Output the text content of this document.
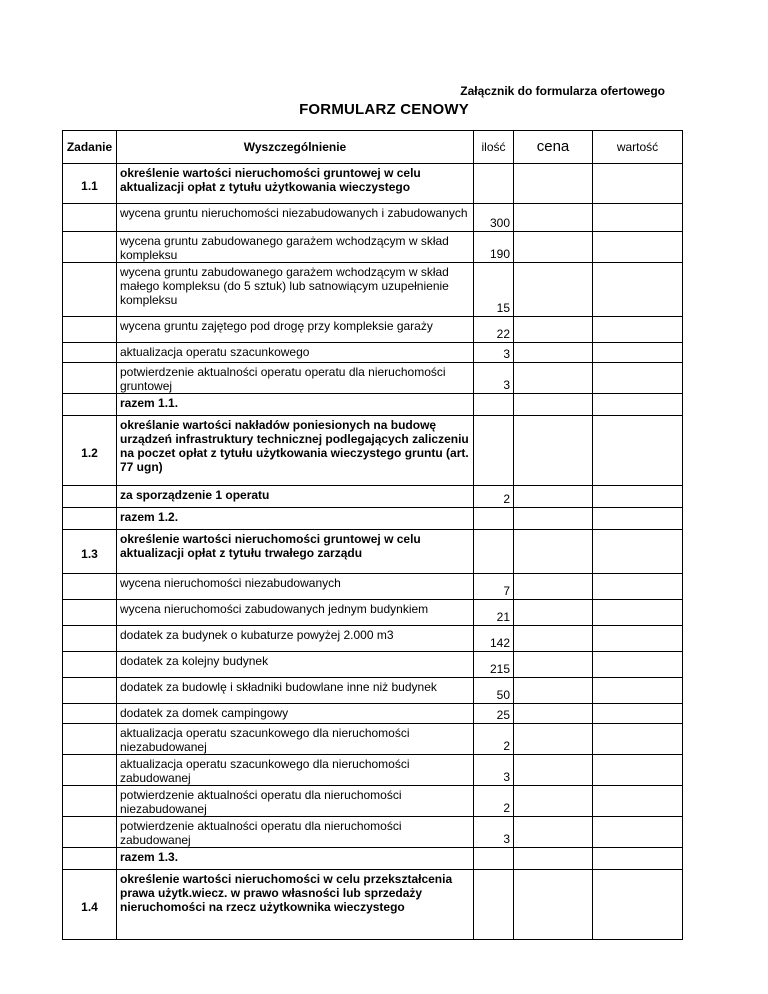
Załącznik do formularza ofertowego
FORMULARZ CENOWY
Zadanie	Wyszczególnienie	ilość	cena	wartość
1.1	określenie wartości nieruchomości gruntowej w celu aktualizacji opłat z tytułu użytkowania wieczystego			
	wycena gruntu nieruchomości niezabudowanych i zabudowanych	300		
	wycena gruntu zabudowanego garażem wchodzącym w skład kompleksu	190		
	wycena gruntu zabudowanego garażem wchodzącym w skład małego kompleksu (do 5 sztuk) lub satnowiącym uzupełnienie kompleksu	15		
	wycena gruntu zajętego pod drogę przy kompleksie garaży	22		
	aktualizacja operatu szacunkowego	3		
	potwierdzenie aktualności operatu operatu dla nieruchomości gruntowej	3		
	razem 1.1.			
1.2	określanie wartości nakładów poniesionych na budowę urządzeń infrastruktury technicznej podlegających zaliczeniu na poczet opłat z tytułu użytkowania wieczystego gruntu (art. 77 ugn)			
	za sporządzenie 1 operatu	2		
	razem 1.2.			
1.3	określenie wartości nieruchomości gruntowej w celu aktualizacji opłat z tytułu trwałego zarządu			
	wycena nieruchomości niezabudowanych	7		
	wycena nieruchomości zabudowanych jednym budynkiem	21		
	dodatek za budynek o kubaturze powyżej 2.000 m3	142		
	dodatek za kolejny budynek	215		
	dodatek za budowlę i składniki budowlane inne niż budynek	50		
	dodatek za domek campingowy	25		
	aktualizacja operatu szacunkowego dla nieruchomości niezabudowanej	2		
	aktualizacja operatu szacunkowego dla nieruchomości zabudowanej	3		
	potwierdzenie aktualności operatu dla nieruchomości niezabudowanej	2		
	potwierdzenie aktualności operatu dla nieruchomości zabudowanej	3		
	razem 1.3.			
1.4	określenie wartości nieruchomości w celu przekształcenia prawa użytk.wiecz. w prawo własności lub sprzedaży nieruchomości na rzecz użytkownika wieczystego			
